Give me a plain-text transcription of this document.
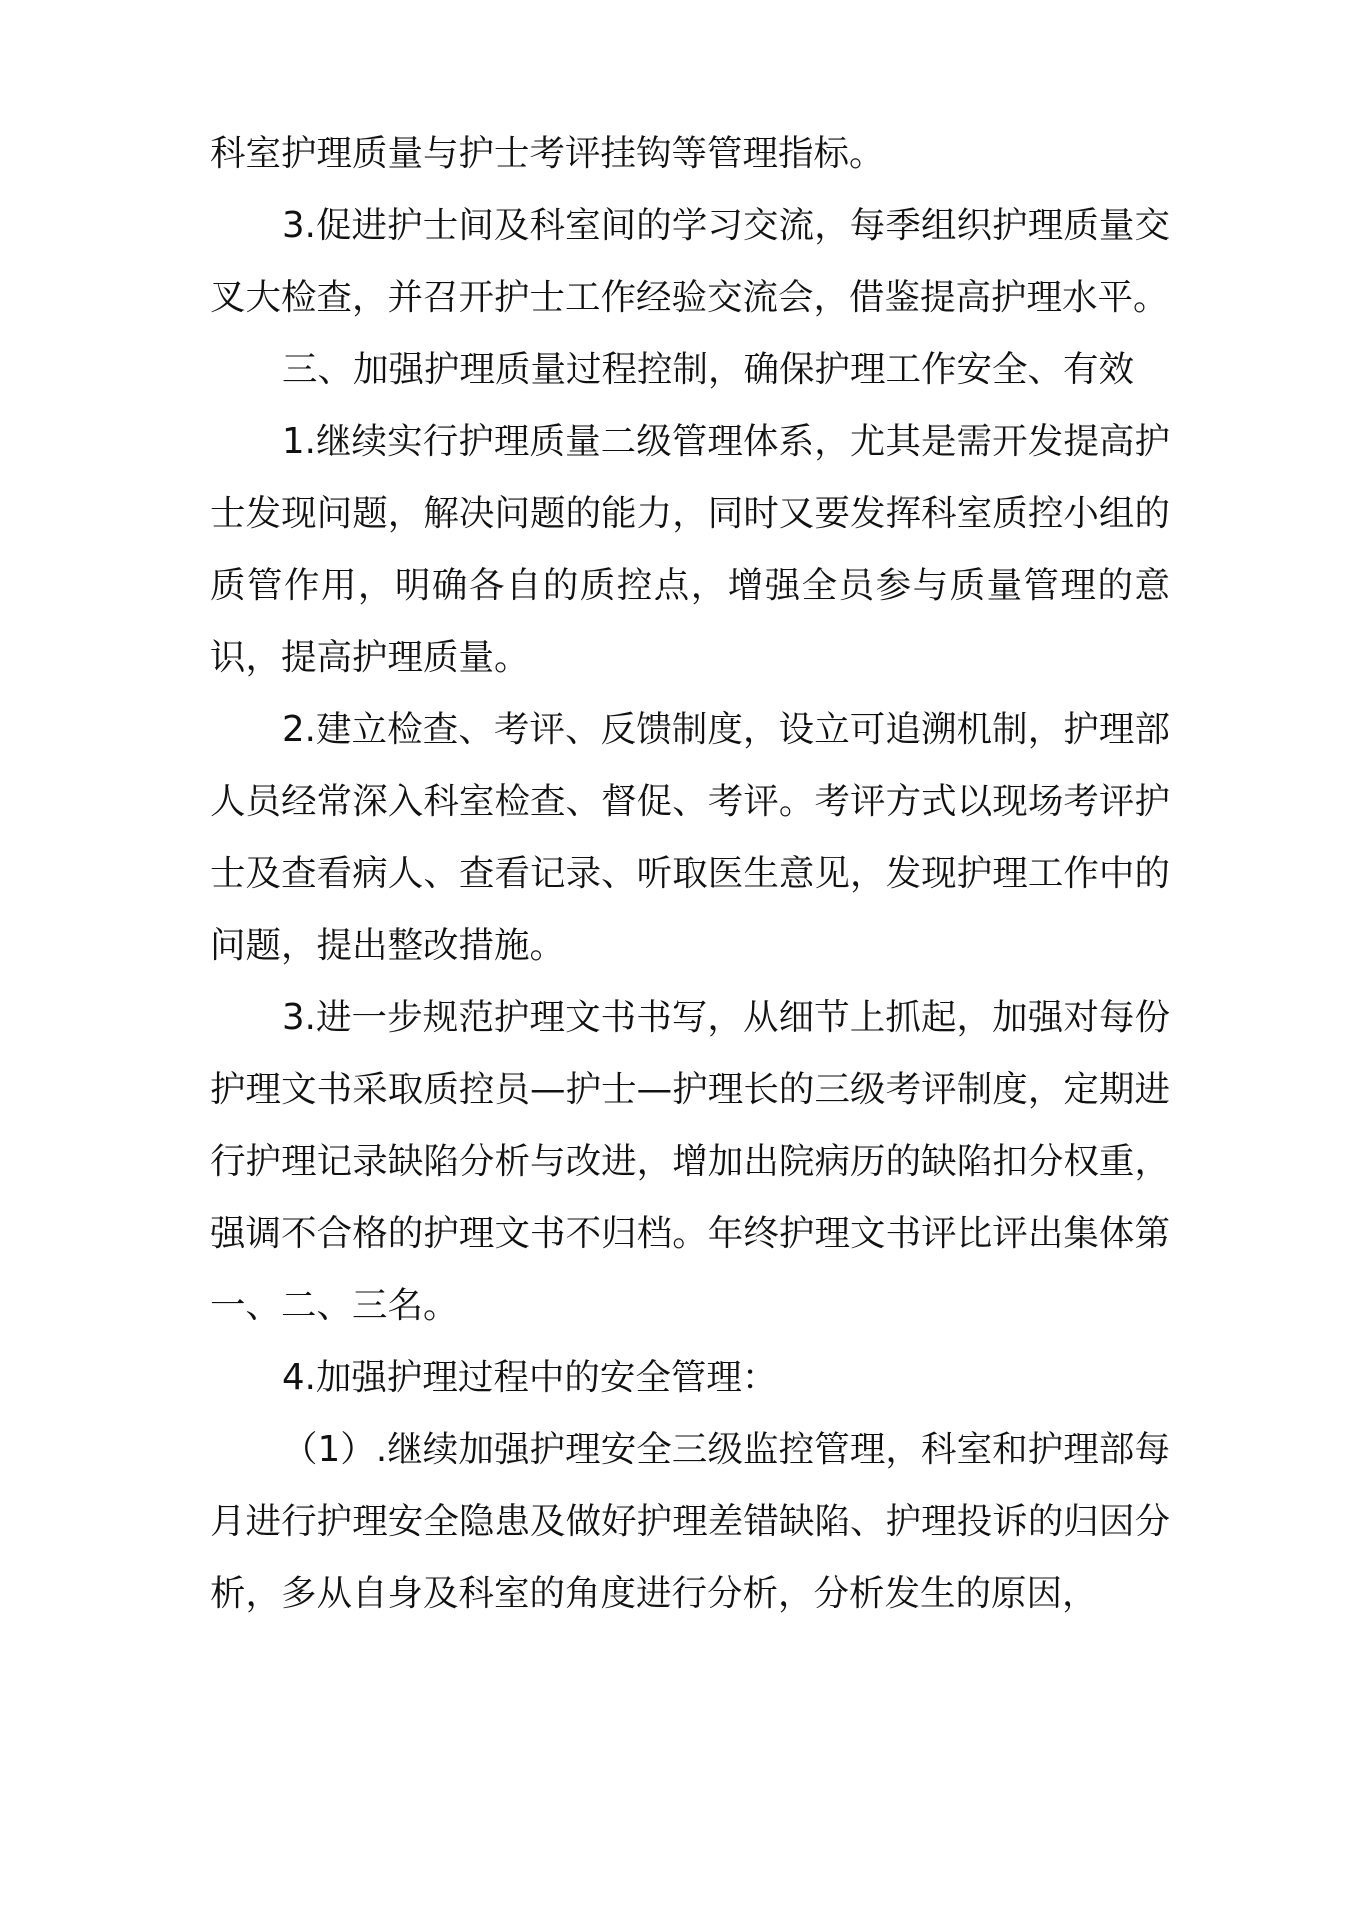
科室护理质量与护士考评挂钩等管理指标。

3.促进护士间及科室间的学习交流，每季组织护理质量交叉大检查，并召开护士工作经验交流会，借鉴提高护理水平。

三、加强护理质量过程控制，确保护理工作安全、有效

1.继续实行护理质量二级管理体系，尤其是需开发提高护士发现问题，解决问题的能力，同时又要发挥科室质控小组的质管作用，明确各自的质控点，增强全员参与质量管理的意识，提高护理质量。

2.建立检查、考评、反馈制度，设立可追溯机制，护理部人员经常深入科室检查、督促、考评。考评方式以现场考评护士及查看病人、查看记录、听取医生意见，发现护理工作中的问题，提出整改措施。

3.进一步规范护理文书书写，从细节上抓起，加强对每份护理文书采取质控员—护士—护理长的三级考评制度，定期进行护理记录缺陷分析与改进，增加出院病历的缺陷扣分权重，强调不合格的护理文书不归档。年终护理文书评比评出集体第一、二、三名。

4.加强护理过程中的安全管理：

（1）.继续加强护理安全三级监控管理，科室和护理部每月进行护理安全隐患及做好护理差错缺陷、护理投诉的归因分析，多从自身及科室的角度进行分析，分析发生的原因，
